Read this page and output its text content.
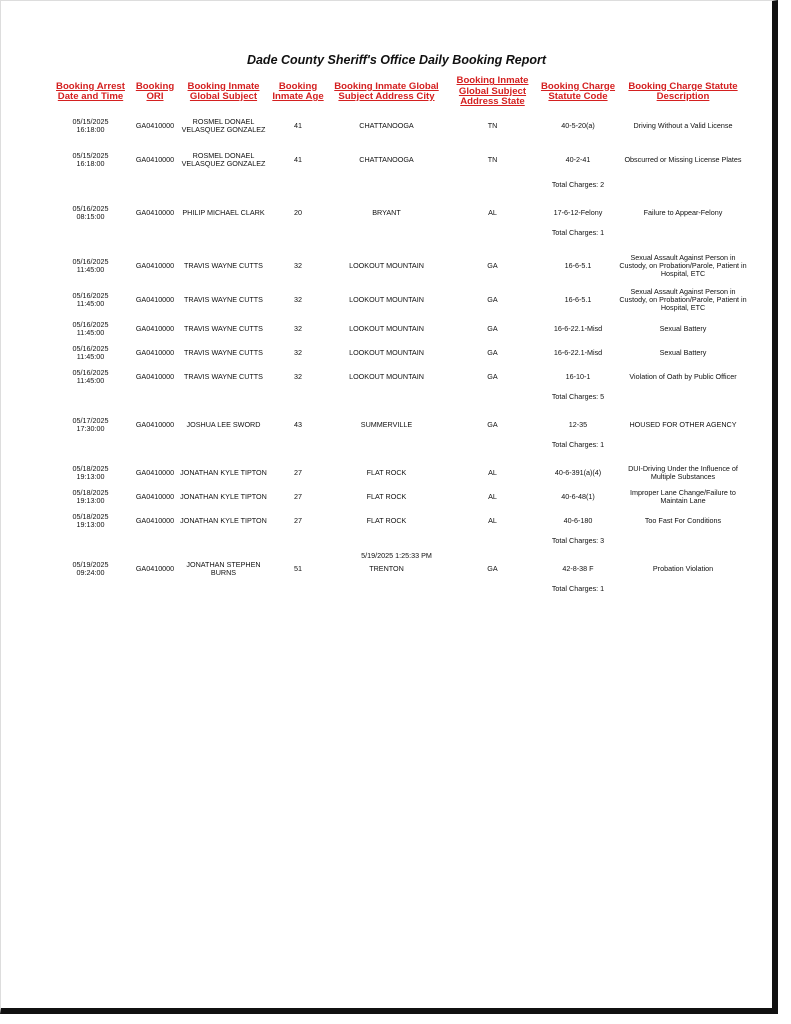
Dade County Sheriff's Office Daily Booking Report
Booking Arrest Date and Time	Booking ORI	Booking Inmate Global Subject	Booking Inmate Age	Booking Inmate Global Subject Address City	Booking Inmate Global Subject Address State	Booking Charge Statute Code	Booking Charge Statute Description

05/15/2025
16:18:00	GA0410000	ROSMEL DONAEL VELASQUEZ GONZALEZ	41	CHATTANOOGA	TN	40-5-20(a)	Driving Without a Valid License

05/15/2025
16:18:00	GA0410000	ROSMEL DONAEL VELASQUEZ GONZALEZ	41	CHATTANOOGA	TN	40-2-41	Obscurred or Missing License Plates
						Total Charges: 2	

05/16/2025
08:15:00	GA0410000	PHILIP MICHAEL CLARK	20	BRYANT	AL	17-6-12-Felony	Failure to Appear-Felony
						Total Charges: 1	

05/16/2025
11:45:00	GA0410000	TRAVIS WAYNE CUTTS	32	LOOKOUT MOUNTAIN	GA	16-6-5.1	Sexual Assault Against Person in Custody, on Probation/Parole, Patient in Hospital, ETC

05/16/2025
11:45:00	GA0410000	TRAVIS WAYNE CUTTS	32	LOOKOUT MOUNTAIN	GA	16-6-5.1	Sexual Assault Against Person in Custody, on Probation/Parole, Patient in Hospital, ETC

05/16/2025
11:45:00	GA0410000	TRAVIS WAYNE CUTTS	32	LOOKOUT MOUNTAIN	GA	16-6-22.1-Misd	Sexual Battery

05/16/2025
11:45:00	GA0410000	TRAVIS WAYNE CUTTS	32	LOOKOUT MOUNTAIN	GA	16-6-22.1-Misd	Sexual Battery

05/16/2025
11:45:00	GA0410000	TRAVIS WAYNE CUTTS	32	LOOKOUT MOUNTAIN	GA	16-10-1	Violation of Oath by Public Officer
						Total Charges: 5	

05/17/2025
17:30:00	GA0410000	JOSHUA LEE SWORD	43	SUMMERVILLE	GA	12-35	HOUSED FOR OTHER AGENCY
						Total Charges: 1	

05/18/2025
19:13:00	GA0410000	JONATHAN KYLE TIPTON	27	FLAT ROCK	AL	40-6-391(a)(4)	DUI-Driving Under the Influence of Multiple Substances

05/18/2025
19:13:00	GA0410000	JONATHAN KYLE TIPTON	27	FLAT ROCK	AL	40-6-48(1)	Improper Lane Change/Failure to Maintain Lane

05/18/2025
19:13:00	GA0410000	JONATHAN KYLE TIPTON	27	FLAT ROCK	AL	40-6-180	Too Fast For Conditions
						Total Charges: 3	

05/19/2025
09:24:00	GA0410000	JONATHAN STEPHEN BURNS	51	TRENTON	GA	42-8-38 F	Probation Violation
						Total Charges: 1	
5/19/2025 1:25:33 PM
